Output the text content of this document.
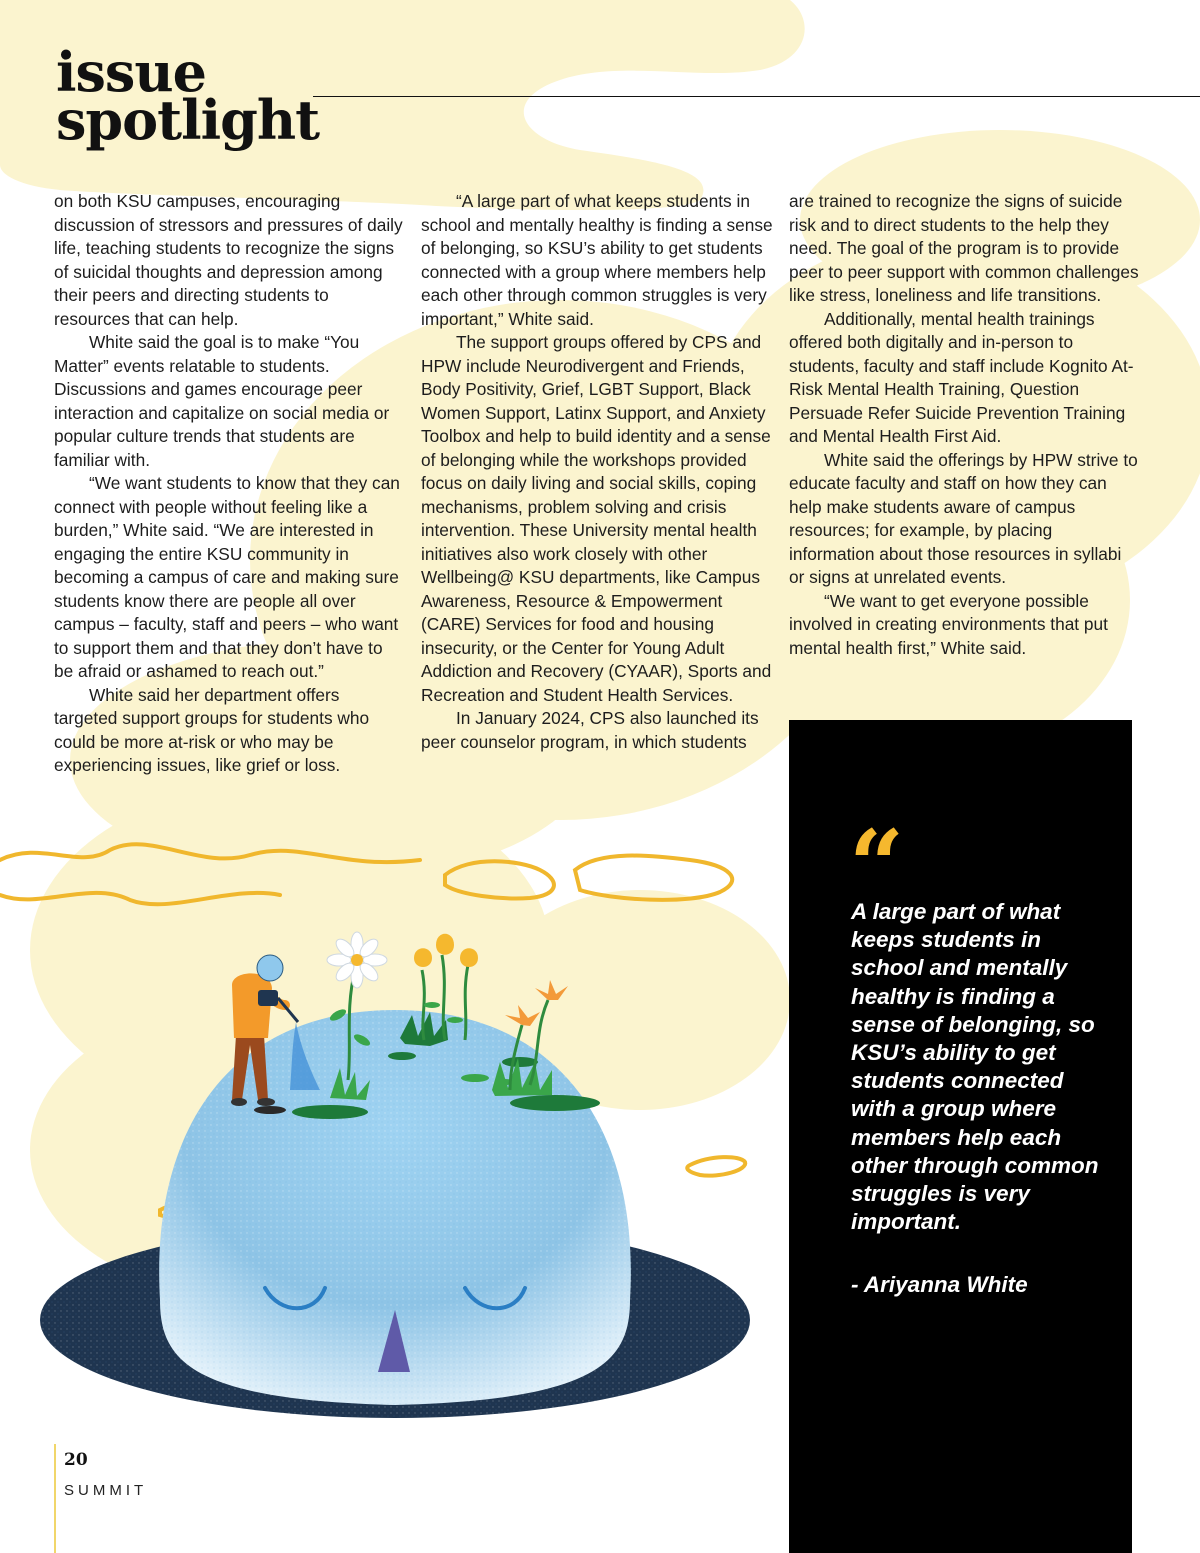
issue
spotlight

on both KSU campuses, encouraging discussion of stressors and pressures of daily life, teaching students to recognize the signs of suicidal thoughts and depression among their peers and directing students to resources that can help.

White said the goal is to make “You Matter” events relatable to students. Discussions and games encourage peer interaction and capitalize on social media or popular culture trends that students are familiar with.

“We want students to know that they can connect with people without feeling like a burden,” White said. “We are interested in engaging the entire KSU community in becoming a campus of care and making sure students know there are people all over campus – faculty, staff and peers – who want to support them and that they don’t have to be afraid or ashamed to reach out.”

White said her department offers targeted support groups for students who could be more at-risk or who may be experiencing issues, like grief or loss.

“A large part of what keeps students in school and mentally healthy is finding a sense of belonging, so KSU’s ability to get students connected with a group where members help each other through common struggles is very important,” White said.

The support groups offered by CPS and HPW include Neurodivergent and Friends, Body Positivity, Grief, LGBT Support, Black Women Support, Latinx Support, and Anxiety Toolbox and help to build identity and a sense of belonging while the workshops provided focus on daily living and social skills, coping mechanisms, problem solving and crisis intervention. These University mental health initiatives also work closely with other Wellbeing@ KSU departments, like Campus Awareness, Resource & Empowerment (CARE) Services for food and housing insecurity, or the Center for Young Adult Addiction and Recovery (CYAAR), Sports and Recreation and Student Health Services.

In January 2024, CPS also launched its peer counselor program, in which students

are trained to recognize the signs of suicide risk and to direct students to the help they need. The goal of the program is to provide peer to peer support with common challenges like stress, loneliness and life transitions.

Additionally, mental health trainings offered both digitally and in-person to students, faculty and staff include Kognito At-Risk Mental Health Training, Question Persuade Refer Suicide Prevention Training and Mental Health First Aid.

White said the offerings by HPW strive to educate faculty and staff on how they can help make students aware of campus resources; for example, by placing information about those resources in syllabi or signs at unrelated events.

“We want to get everyone possible involved in creating environments that put mental health first,” White said.

“
A large part of what keeps students in school and mentally healthy is finding a sense of belonging, so KSU’s ability to get students connected with a group where members help each other through common struggles is very important.
- Ariyanna White
20
SUMMIT
